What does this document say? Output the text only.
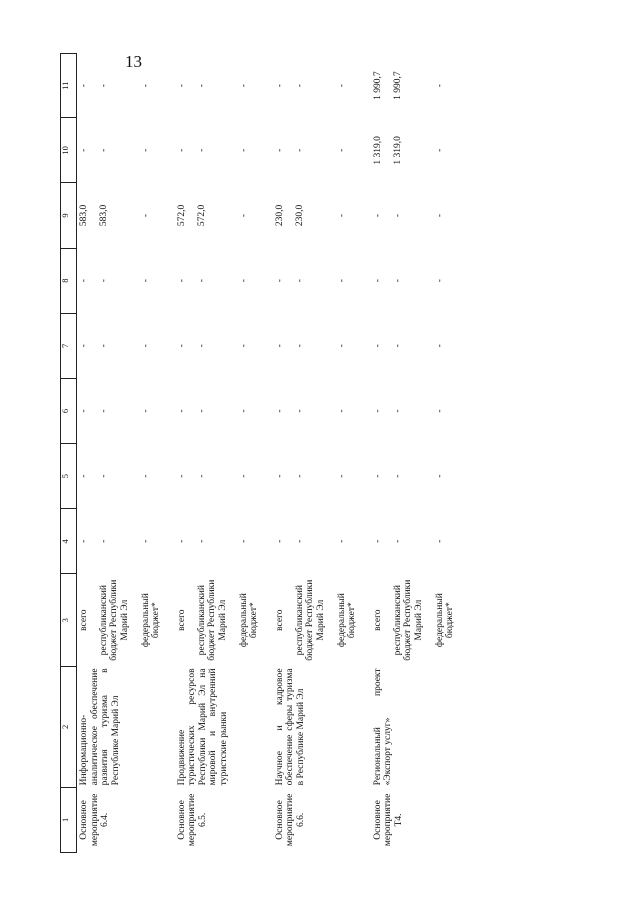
13
1	2	3	4	5	6	7	8	9	10	11
Основное мероприятие 6.4.	Информационно-аналитическое обеспечение развития туризма в Республике Марий Эл	всего	-	-	-	-	-	583,0	-	-
		республиканский бюджет Республики Марий Эл	-	-	-	-	-	583,0	-	-
		федеральный бюджет*	-	-	-	-	-	-	-	-
Основное мероприятие 6.5.	Продвижение туристических ресурсов Республики Марий Эл на мировой и внутренний туристские рынки	всего	-	-	-	-	-	572,0	-	-
		республиканский бюджет Республики Марий Эл	-	-	-	-	-	572,0	-	-
		федеральный бюджет*	-	-	-	-	-	-	-	-
Основное мероприятие 6.6.	Научное и кадровое обеспечение сферы туризма в Республике Марий Эл	всего	-	-	-	-	-	230,0	-	-
		республиканский бюджет Республики Марий Эл	-	-	-	-	-	230,0	-	-
		федеральный бюджет*	-	-	-	-	-	-	-	-
Основное мероприятие Т4.	Региональный проект «Экспорт услуг»	всего	-	-	-	-	-	-	1 319,0	1 990,7
		республиканский бюджет Республики Марий Эл	-	-	-	-	-	-	1 319,0	1 990,7
		федеральный бюджет*	-	-	-	-	-	-	-	-
